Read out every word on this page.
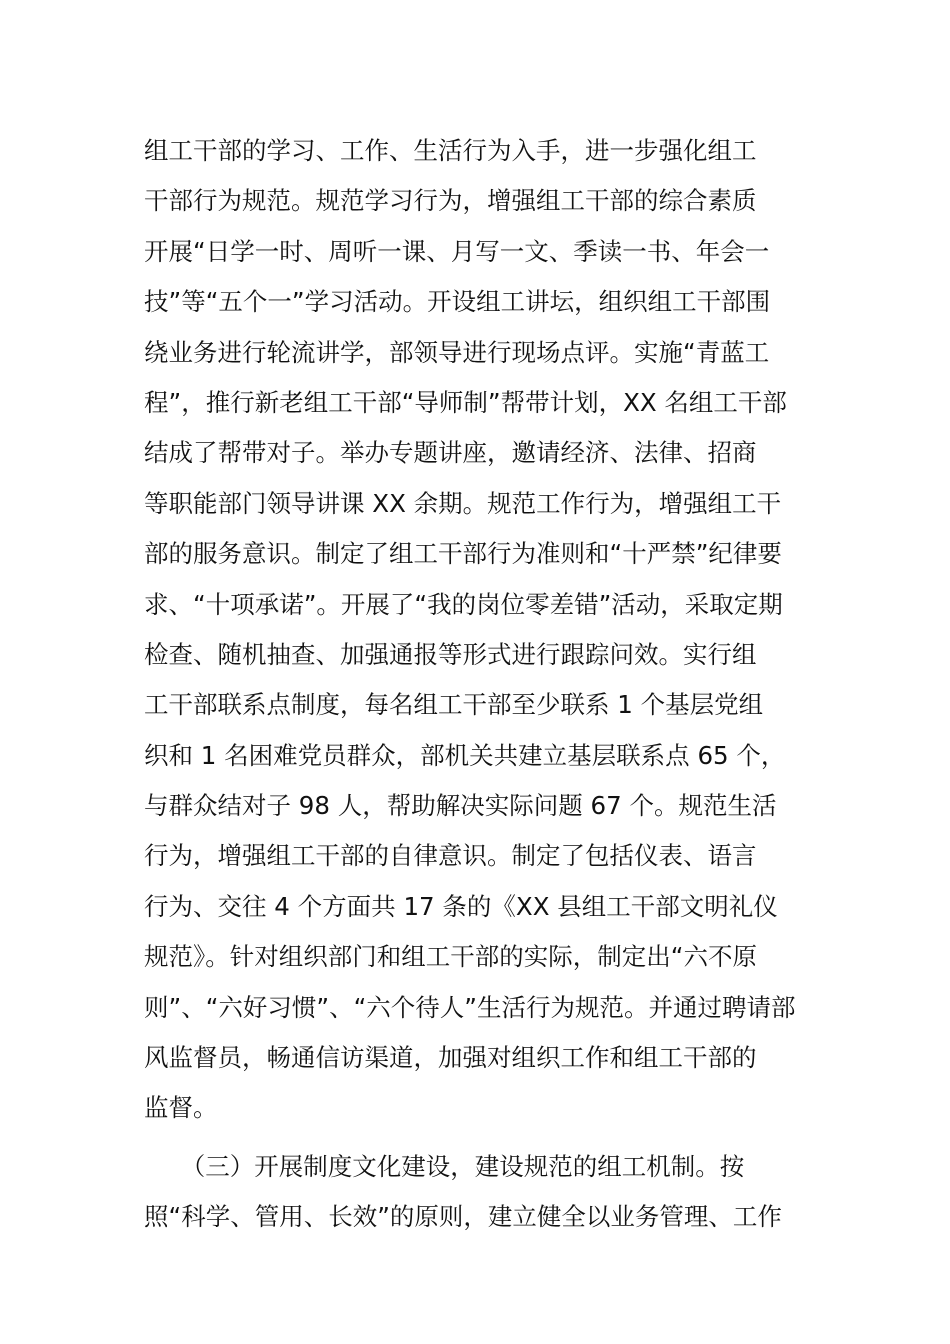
组工干部的学习、工作、生活行为入手，进一步强化组工
干部行为规范。规范学习行为，增强组工干部的综合素质
开展“日学一时、周听一课、月写一文、季读一书、年会一
技”等“五个一”学习活动。开设组工讲坛，组织组工干部围
绕业务进行轮流讲学，部领导进行现场点评。实施“青蓝工
程”，推行新老组工干部“导师制”帮带计划，XX 名组工干部
结成了帮带对子。举办专题讲座，邀请经济、法律、招商
等职能部门领导讲课 XX 余期。规范工作行为，增强组工干
部的服务意识。制定了组工干部行为准则和“十严禁”纪律要
求、“十项承诺”。开展了“我的岗位零差错”活动，采取定期
检查、随机抽查、加强通报等形式进行跟踪问效。实行组
工干部联系点制度，每名组工干部至少联系 1 个基层党组
织和 1 名困难党员群众，部机关共建立基层联系点 65 个，
与群众结对子 98 人，帮助解决实际问题 67 个。规范生活
行为，增强组工干部的自律意识。制定了包括仪表、语言
行为、交往 4 个方面共 17 条的《XX 县组工干部文明礼仪
规范》。针对组织部门和组工干部的实际，制定出“六不原
则”、“六好习惯”、“六个待人”生活行为规范。并通过聘请部
风监督员，畅通信访渠道，加强对组织工作和组工干部的
监督。
　　（三）开展制度文化建设，建设规范的组工机制。按
照“科学、管用、长效”的原则，建立健全以业务管理、工作
